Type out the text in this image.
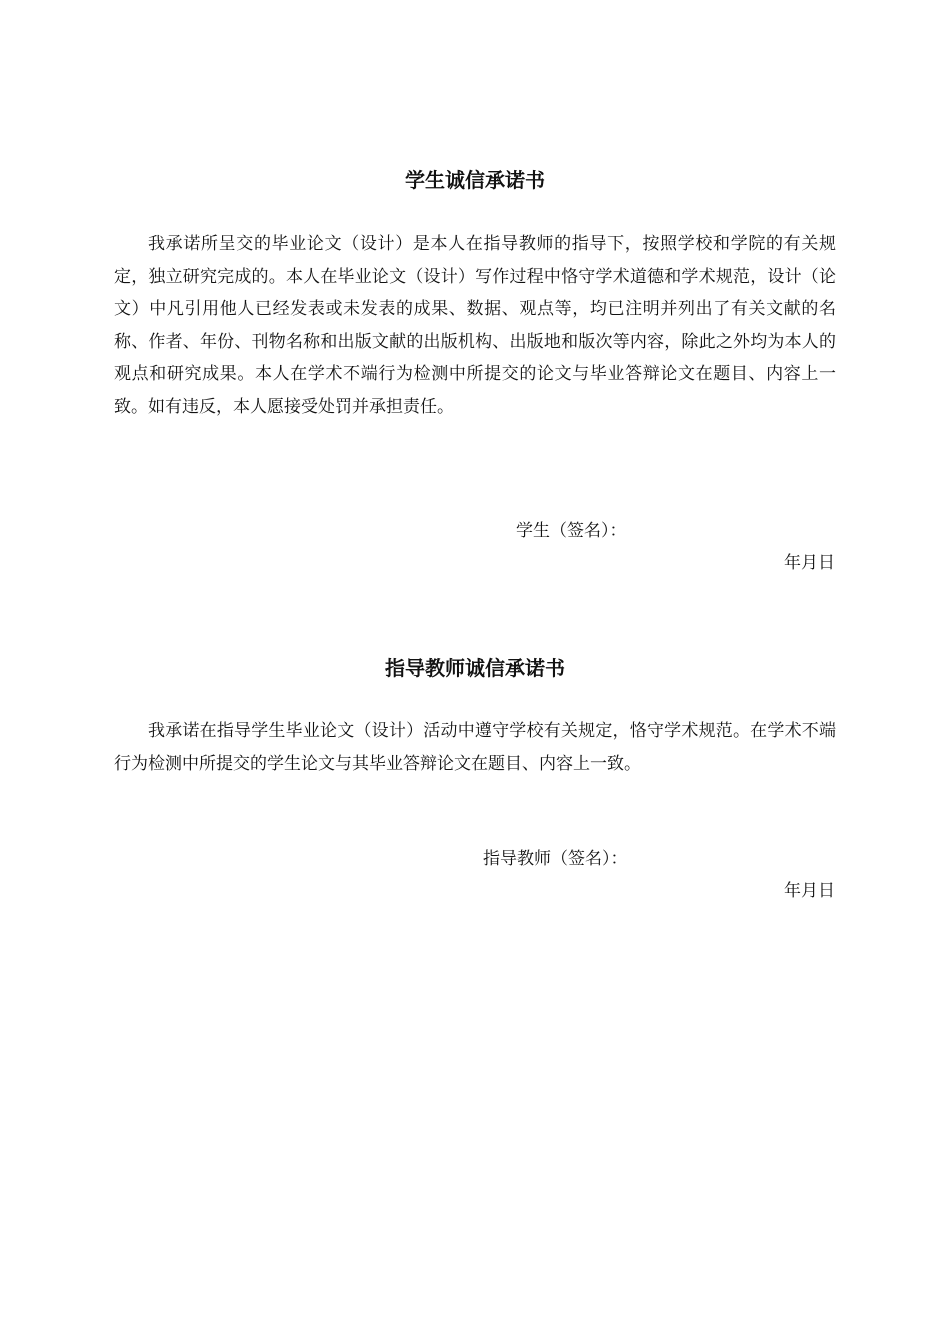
学生诚信承诺书

我承诺所呈交的毕业论文（设计）是本人在指导教师的指导下，按照学校和学院的有关规定，独立研究完成的。本人在毕业论文（设计）写作过程中恪守学术道德和学术规范，设计（论文）中凡引用他人已经发表或未发表的成果、数据、观点等，均已注明并列出了有关文献的名称、作者、年份、刊物名称和出版文献的出版机构、出版地和版次等内容，除此之外均为本人的观点和研究成果。本人在学术不端行为检测中所提交的论文与毕业答辩论文在题目、内容上一致。如有违反，本人愿接受处罚并承担责任。

学生（签名）：

年月日

指导教师诚信承诺书

我承诺在指导学生毕业论文（设计）活动中遵守学校有关规定，恪守学术规范。在学术不端行为检测中所提交的学生论文与其毕业答辩论文在题目、内容上一致。

指导教师（签名）：

年月日
